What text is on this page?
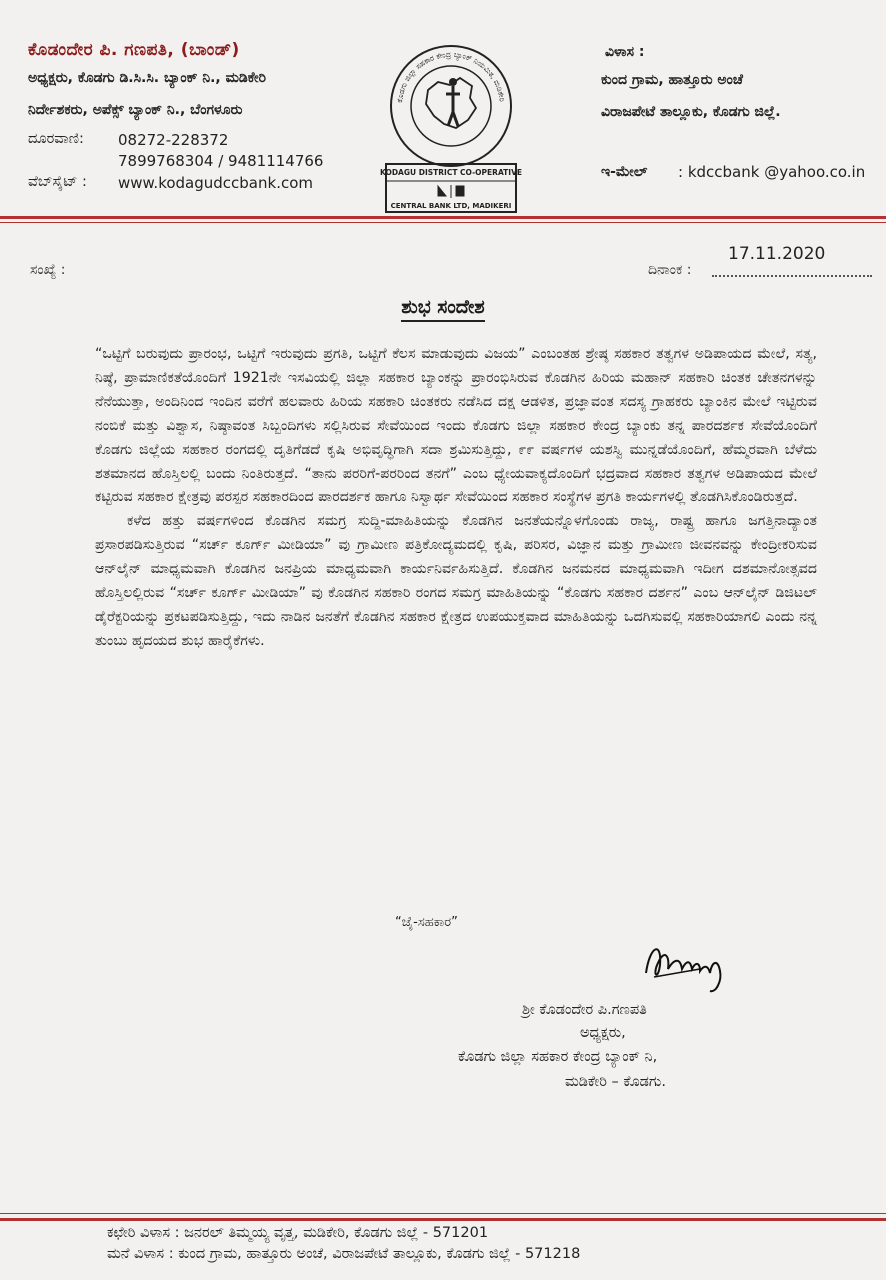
ಕೊಡಂದೇರ ಪಿ. ಗಣಪತಿ, (ಬಾಂಡ್)
ಅಧ್ಯಕ್ಷರು, ಕೊಡಗು ಡಿ.ಸಿ.ಸಿ. ಬ್ಯಾಂಕ್ ನಿ., ಮಡಿಕೇರಿ
ನಿರ್ದೇಶಕರು, ಅಪೆಕ್ಸ್ ಬ್ಯಾಂಕ್ ನಿ., ಬೆಂಗಳೂರು
ದೂರವಾಣಿ: 08272-228372
7899768304 / 9481114766
ವೆಬ್‌ಸೈಟ್ : www.kodagudccbank.com
ಕೊಡಗು ಜಿಲ್ಲಾ ಸಹಕಾರ ಕೇಂದ್ರ ಬ್ಯಾಂಕ್ ನಿಯಮಿತ, ಮಡಿಕೇರಿ
KODAGU DISTRICT CO-OPERATIVE
CENTRAL BANK LTD, MADIKERI
ವಿಳಾಸ :
ಕುಂದ ಗ್ರಾಮ, ಹಾತ್ತೂರು ಅಂಚೆ
ವಿರಾಜಪೇಟೆ ತಾಲ್ಲೂಕು, ಕೊಡಗು ಜಿಲ್ಲೆ.
ಇ-ಮೇಲ್ : kdccbank @yahoo.co.in
ಸಂಖ್ಯೆ :	ದಿನಾಂಕ :
17.11.2020
ಶುಭ ಸಂದೇಶ

“ಒಟ್ಟಿಗೆ ಬರುವುದು ಪ್ರಾರಂಭ, ಒಟ್ಟಿಗೆ ಇರುವುದು ಪ್ರಗತಿ, ಒಟ್ಟಿಗೆ ಕೆಲಸ ಮಾಡುವುದು ವಿಜಯ” ಎಂಬಂತಹ ಶ್ರೇಷ್ಠ ಸಹಕಾರ ತತ್ವಗಳ ಅಡಿಪಾಯದ ಮೇಲೆ, ಸತ್ಯ, ನಿಷ್ಠೆ, ಪ್ರಾಮಾಣಿಕತೆಯೊಂದಿಗೆ 1921ನೇ ಇಸವಿಯಲ್ಲಿ ಜಿಲ್ಲಾ ಸಹಕಾರ ಬ್ಯಾಂಕನ್ನು ಪ್ರಾರಂಭಿಸಿರುವ ಕೊಡಗಿನ ಹಿರಿಯ ಮಹಾನ್ ಸಹಕಾರಿ ಚಿಂತಕ ಚೇತನಗಳನ್ನು ನೆನೆಯುತ್ತಾ, ಅಂದಿನಿಂದ ಇಂದಿನ ವರೆಗೆ ಹಲವಾರು ಹಿರಿಯ ಸಹಕಾರಿ ಚಿಂತಕರು ನಡೆಸಿದ ದಕ್ಷ ಆಡಳಿತ, ಪ್ರಜ್ಞಾವಂತ ಸದಸ್ಯ ಗ್ರಾಹಕರು ಬ್ಯಾಂಕಿನ ಮೇಲೆ ಇಟ್ಟಿರುವ ನಂಬಿಕೆ ಮತ್ತು ವಿಶ್ವಾಸ, ನಿಷ್ಠಾವಂತ ಸಿಬ್ಬಂದಿಗಳು ಸಲ್ಲಿಸಿರುವ ಸೇವೆಯಿಂದ ಇಂದು ಕೊಡಗು ಜಿಲ್ಲಾ ಸಹಕಾರ ಕೇಂದ್ರ ಬ್ಯಾಂಕು ತನ್ನ ಪಾರದರ್ಶಕ ಸೇವೆಯೊಂದಿಗೆ ಕೊಡಗು ಜಿಲ್ಲೆಯ ಸಹಕಾರ ರಂಗದಲ್ಲಿ ದೃತಿಗೆಡದೆ ಕೃಷಿ ಅಭಿವೃದ್ಧಿಗಾಗಿ ಸದಾ ಶ್ರಮಿಸುತ್ತಿದ್ದು, ೯೯ ವರ್ಷಗಳ ಯಶಸ್ವಿ ಮುನ್ನಡೆಯೊಂದಿಗೆ, ಹೆಮ್ಮರವಾಗಿ ಬೆಳೆದು ಶತಮಾನದ ಹೊಸ್ತಿಲಲ್ಲಿ ಬಂದು ನಿಂತಿರುತ್ತದೆ. “ತಾನು ಪರರಿಗೆ-ಪರರಿಂದ ತನಗೆ” ಎಂಬ ಧ್ಯೇಯವಾಕ್ಯದೊಂದಿಗೆ ಭದ್ರವಾದ ಸಹಕಾರ ತತ್ವಗಳ ಅಡಿಪಾಯದ ಮೇಲೆ ಕಟ್ಟಿರುವ ಸಹಕಾರ ಕ್ಷೇತ್ರವು ಪರಸ್ಪರ ಸಹಕಾರದಿಂದ ಪಾರದರ್ಶಕ ಹಾಗೂ ನಿಸ್ವಾರ್ಥ ಸೇವೆಯಿಂದ ಸಹಕಾರ ಸಂಸ್ಥೆಗಳ ಪ್ರಗತಿ ಕಾರ್ಯಗಳಲ್ಲಿ ತೊಡಗಿಸಿಕೊಂಡಿರುತ್ತದೆ.

ಕಳೆದ ಹತ್ತು ವರ್ಷಗಳಿಂದ ಕೊಡಗಿನ ಸಮಗ್ರ ಸುದ್ದಿ-ಮಾಹಿತಿಯನ್ನು ಕೊಡಗಿನ ಜನತೆಯನ್ನೊಳಗೊಂಡು ರಾಜ್ಯ, ರಾಷ್ಟ್ರ ಹಾಗೂ ಜಗತ್ತಿನಾದ್ಯಾಂತ ಪ್ರಸಾರಪಡಿಸುತ್ತಿರುವ “ಸರ್ಚ್ ಕೂರ್ಗ್ ಮೀಡಿಯಾ” ವು ಗ್ರಾಮೀಣ ಪತ್ರಿಕೋದ್ಯಮದಲ್ಲಿ ಕೃಷಿ, ಪರಿಸರ, ವಿಜ್ಞಾನ ಮತ್ತು ಗ್ರಾಮೀಣ ಜೀವನವನ್ನು ಕೇಂದ್ರೀಕರಿಸುವ ಆನ್‌ಲೈನ್ ಮಾಧ್ಯಮವಾಗಿ ಕೊಡಗಿನ ಜನಪ್ರಿಯ ಮಾಧ್ಯಮವಾಗಿ ಕಾರ್ಯನಿರ್ವಹಿಸುತ್ತಿದೆ. ಕೊಡಗಿನ ಜನಮನದ ಮಾಧ್ಯಮವಾಗಿ ಇದೀಗ ದಶಮಾನೋತ್ಸವದ ಹೊಸ್ತಿಲಲ್ಲಿರುವ “ಸರ್ಚ್ ಕೂರ್ಗ್ ಮೀಡಿಯಾ” ವು ಕೊಡಗಿನ ಸಹಕಾರಿ ರಂಗದ ಸಮಗ್ರ ಮಾಹಿತಿಯನ್ನು “ಕೊಡಗು ಸಹಕಾರ ದರ್ಶನ” ಎಂಬ ಆನ್‌ಲೈನ್ ಡಿಜಿಟಲ್ ಡೈರೆಕ್ಟರಿಯನ್ನು ಪ್ರಕಟಪಡಿಸುತ್ತಿದ್ದು, ಇದು ನಾಡಿನ ಜನತೆಗೆ ಕೊಡಗಿನ ಸಹಕಾರ ಕ್ಷೇತ್ರದ ಉಪಯುಕ್ತವಾದ ಮಾಹಿತಿಯನ್ನು ಒದಗಿಸುವಲ್ಲಿ ಸಹಕಾರಿಯಾಗಲಿ ಎಂದು ನನ್ನ ತುಂಬು ಹೃದಯದ ಶುಭ ಹಾರೈಕೆಗಳು.

“ಜೈ-ಸಹಕಾರ”
ಶ್ರೀ ಕೊಡಂದೇರ ಪಿ.ಗಣಪತಿ
ಅಧ್ಯಕ್ಷರು,
ಕೊಡಗು ಜಿಲ್ಲಾ ಸಹಕಾರ ಕೇಂದ್ರ ಬ್ಯಾಂಕ್ ನಿ,
ಮಡಿಕೇರಿ – ಕೊಡಗು.
ಕಛೇರಿ ವಿಳಾಸ : ಜನರಲ್ ತಿಮ್ಮಯ್ಯ ವೃತ್ತ, ಮಡಿಕೇರಿ, ಕೊಡಗು ಜಿಲ್ಲೆ - 571201
ಮನೆ ವಿಳಾಸ : ಕುಂದ ಗ್ರಾಮ, ಹಾತ್ತೂರು ಅಂಚೆ, ವಿರಾಜಪೇಟೆ ತಾಲ್ಲೂಕು, ಕೊಡಗು ಜಿಲ್ಲೆ - 571218
